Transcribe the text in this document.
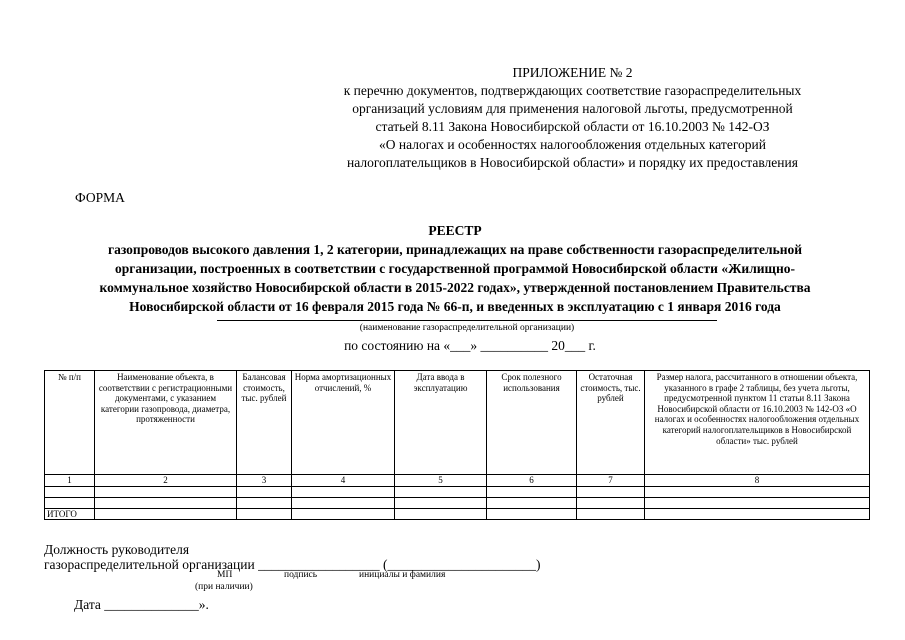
ПРИЛОЖЕНИЕ № 2
к перечню документов, подтверждающих соответствие газораспределительных
организаций условиям для применения налоговой льготы, предусмотренной
статьей 8.11 Закона Новосибирской области от 16.10.2003 № 142-ОЗ
«О налогах и особенностях налогообложения отдельных категорий
налогоплательщиков в Новосибирской области» и порядку их предоставления
ФОРМА
РЕЕСТР
газопроводов высокого давления 1, 2 категории, принадлежащих на праве собственности газораспределительной
организации, построенных в соответствии с государственной программой Новосибирской области «Жилищно-
коммунальное хозяйство Новосибирской области в 2015-2022 годах», утвержденной постановлением Правительства
Новосибирской области от 16 февраля 2015 года № 66-п, и введенных в эксплуатацию с 1 января 2016 года
(наименование газораспределительной организации)
по состоянию на «___» __________ 20___ г.
№ п/п	Наименование объекта, в соответствии с регистрационными документами, с указанием категории газопровода, диаметра, протяженности	Балансовая стоимость, тыс. рублей	Норма амортизационных отчислений, %	Дата ввода в эксплуатацию	Срок полезного использования	Остаточная стоимость, тыс. рублей	Размер налога, рассчитанного в отношении объекта, указанного в графе 2 таблицы, без учета льготы, предусмотренной пунктом 11 статьи 8.11 Закона Новосибирской области от 16.10.2003 № 142-ОЗ «О налогах и особенностях налогообложения отдельных категорий налогоплательщиков в Новосибирской области» тыс. рублей
1	2	3	4	5	6	7	8

ИТОГО							
Должность руководителя
газораспределительной организации __________________ (______________________)
МП
(при наличии)
подпись	инициалы и фамилия
Дата ______________».
